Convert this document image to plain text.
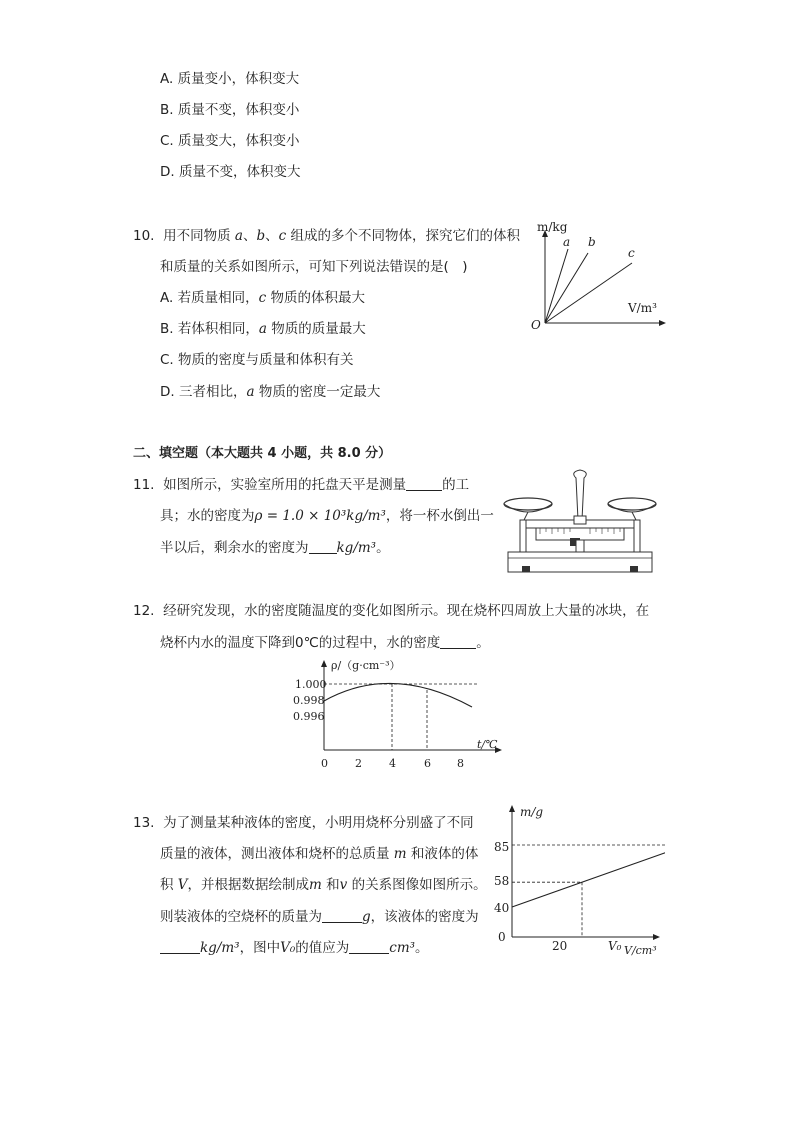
A. 质量变小，体积变大
B. 质量不变，体积变小
C. 质量变大，体积变小
D. 质量不变，体积变大
10. 用不同物质 a、b、c 组成的多个不同物体，探究它们的体积
和质量的关系如图所示，可知下列说法错误的是(　)
A. 若质量相同，c 物质的体积最大
B. 若体积相同，a 物质的质量最大
C. 物质的密度与质量和体积有关
D. 三者相比，a 物质的密度一定最大
m/kg
V/m³
O
a b
c
二、填空题（本大题共 4 小题，共 8.0 分）
11. 如图所示，实验室所用的托盘天平是测量	的工
具；水的密度为ρ = 1.0 × 10³kg/m³，将一杯水倒出一
半以后，剩余水的密度为 kg/m³。
12. 经研究发现，水的密度随温度的变化如图所示。现在烧杯四周放上大量的冰块，在
烧杯内水的温度下降到0℃的过程中，水的密度	。
ρ/（g·cm⁻³）
t/℃
1.000
0.998
0.996
0 2 4	6 8
13. 为了测量某种液体的密度，小明用烧杯分别盛了不同
质量的液体，测出液体和烧杯的总质量 m 和液体的体
积 V，并根据数据绘制成m 和v 的关系图像如图所示。
则装液体的空烧杯的质量为	g，该液体的密度为
kg/m³，图中V₀的值应为	cm³。
m/g
V/cm³
0
40
58
85
20	V₀
